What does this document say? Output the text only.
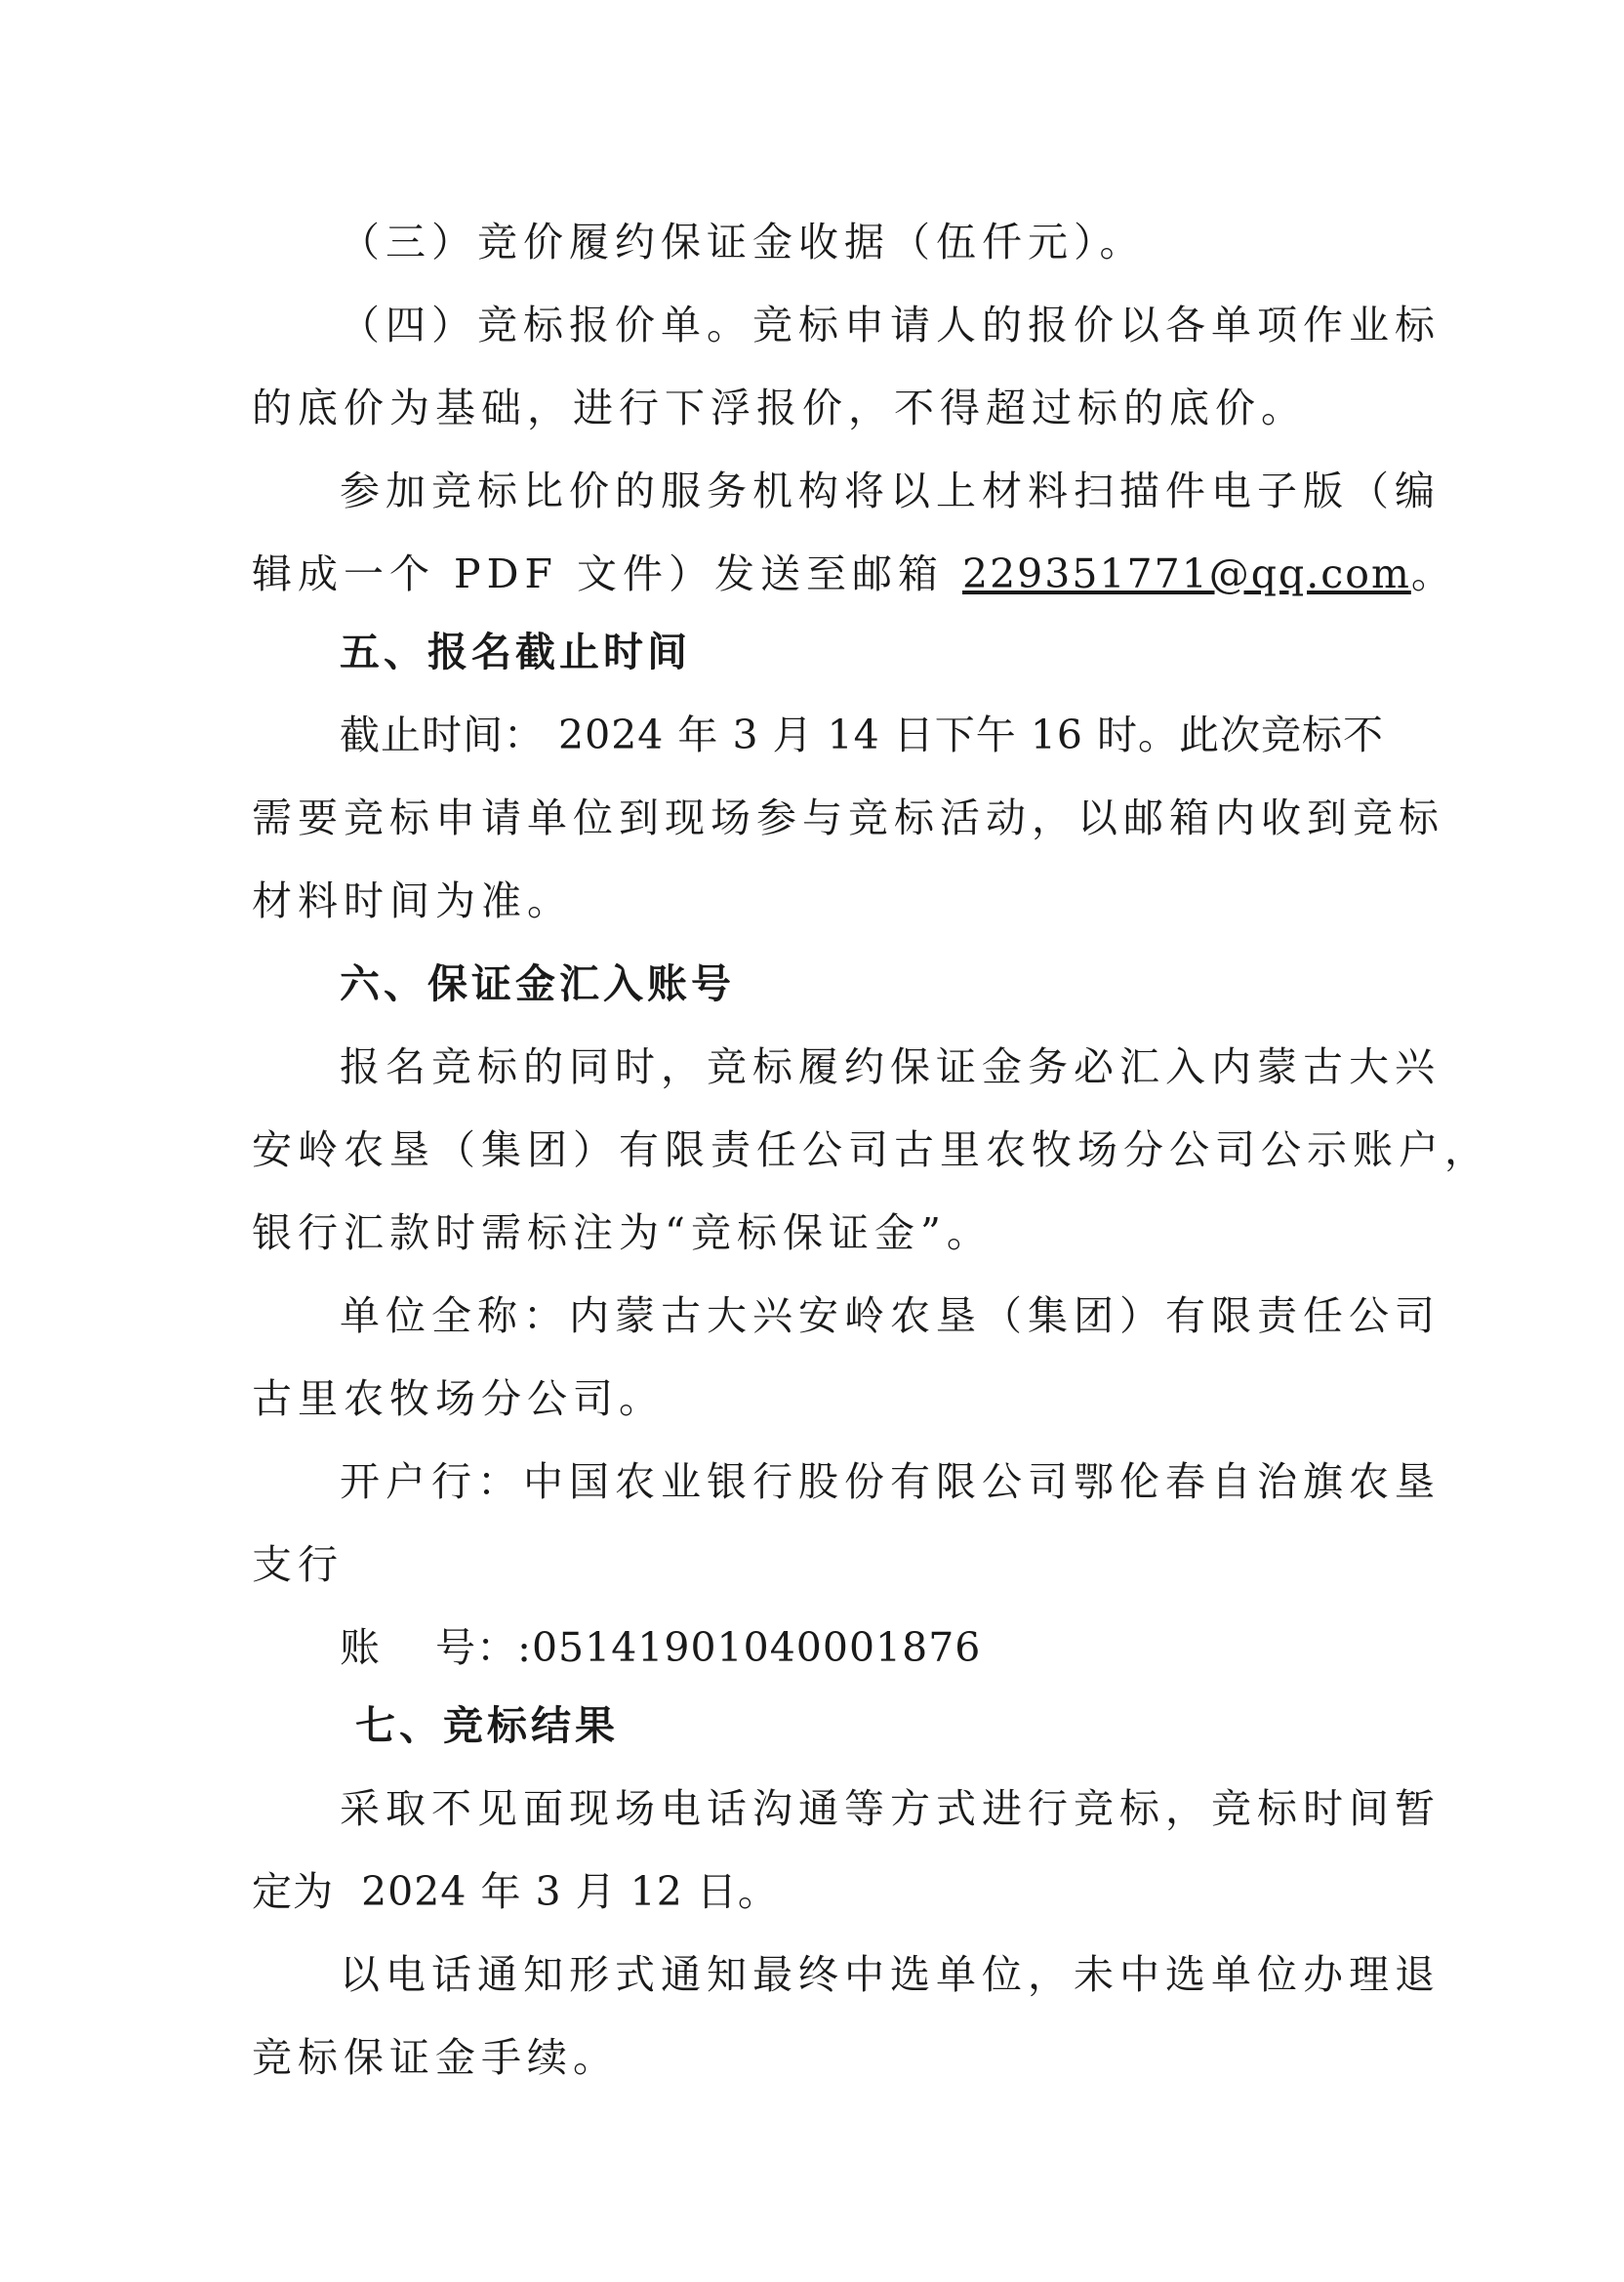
（三）竞价履约保证金收据（伍仟元）。
（四）竞标报价单。竞标申请人的报价以各单项作业标
的底价为基础，进行下浮报价，不得超过标的底价。
参加竞标比价的服务机构将以上材料扫描件电子版（编
辑成一个 PDF 文件）发送至邮箱 229351771@qq.com。
五、报名截止时间
截止时间： 2024 年 3 月 14 日下午 16 时。此次竞标不
需要竞标申请单位到现场参与竞标活动，以邮箱内收到竞标
材料时间为准。
六、保证金汇入账号
报名竞标的同时，竞标履约保证金务必汇入内蒙古大兴
安岭农垦（集团）有限责任公司古里农牧场分公司公示账户，
银行汇款时需标注为“竞标保证金”。
单位全称：内蒙古大兴安岭农垦（集团）有限责任公司
古里农牧场分公司。
开户行：中国农业银行股份有限公司鄂伦春自治旗农垦
支行
账    号：:05141901040001876
七、竞标结果
采取不见面现场电话沟通等方式进行竞标，竞标时间暂
定为  2024 年 3 月 12 日。
以电话通知形式通知最终中选单位，未中选单位办理退
竞标保证金手续。
